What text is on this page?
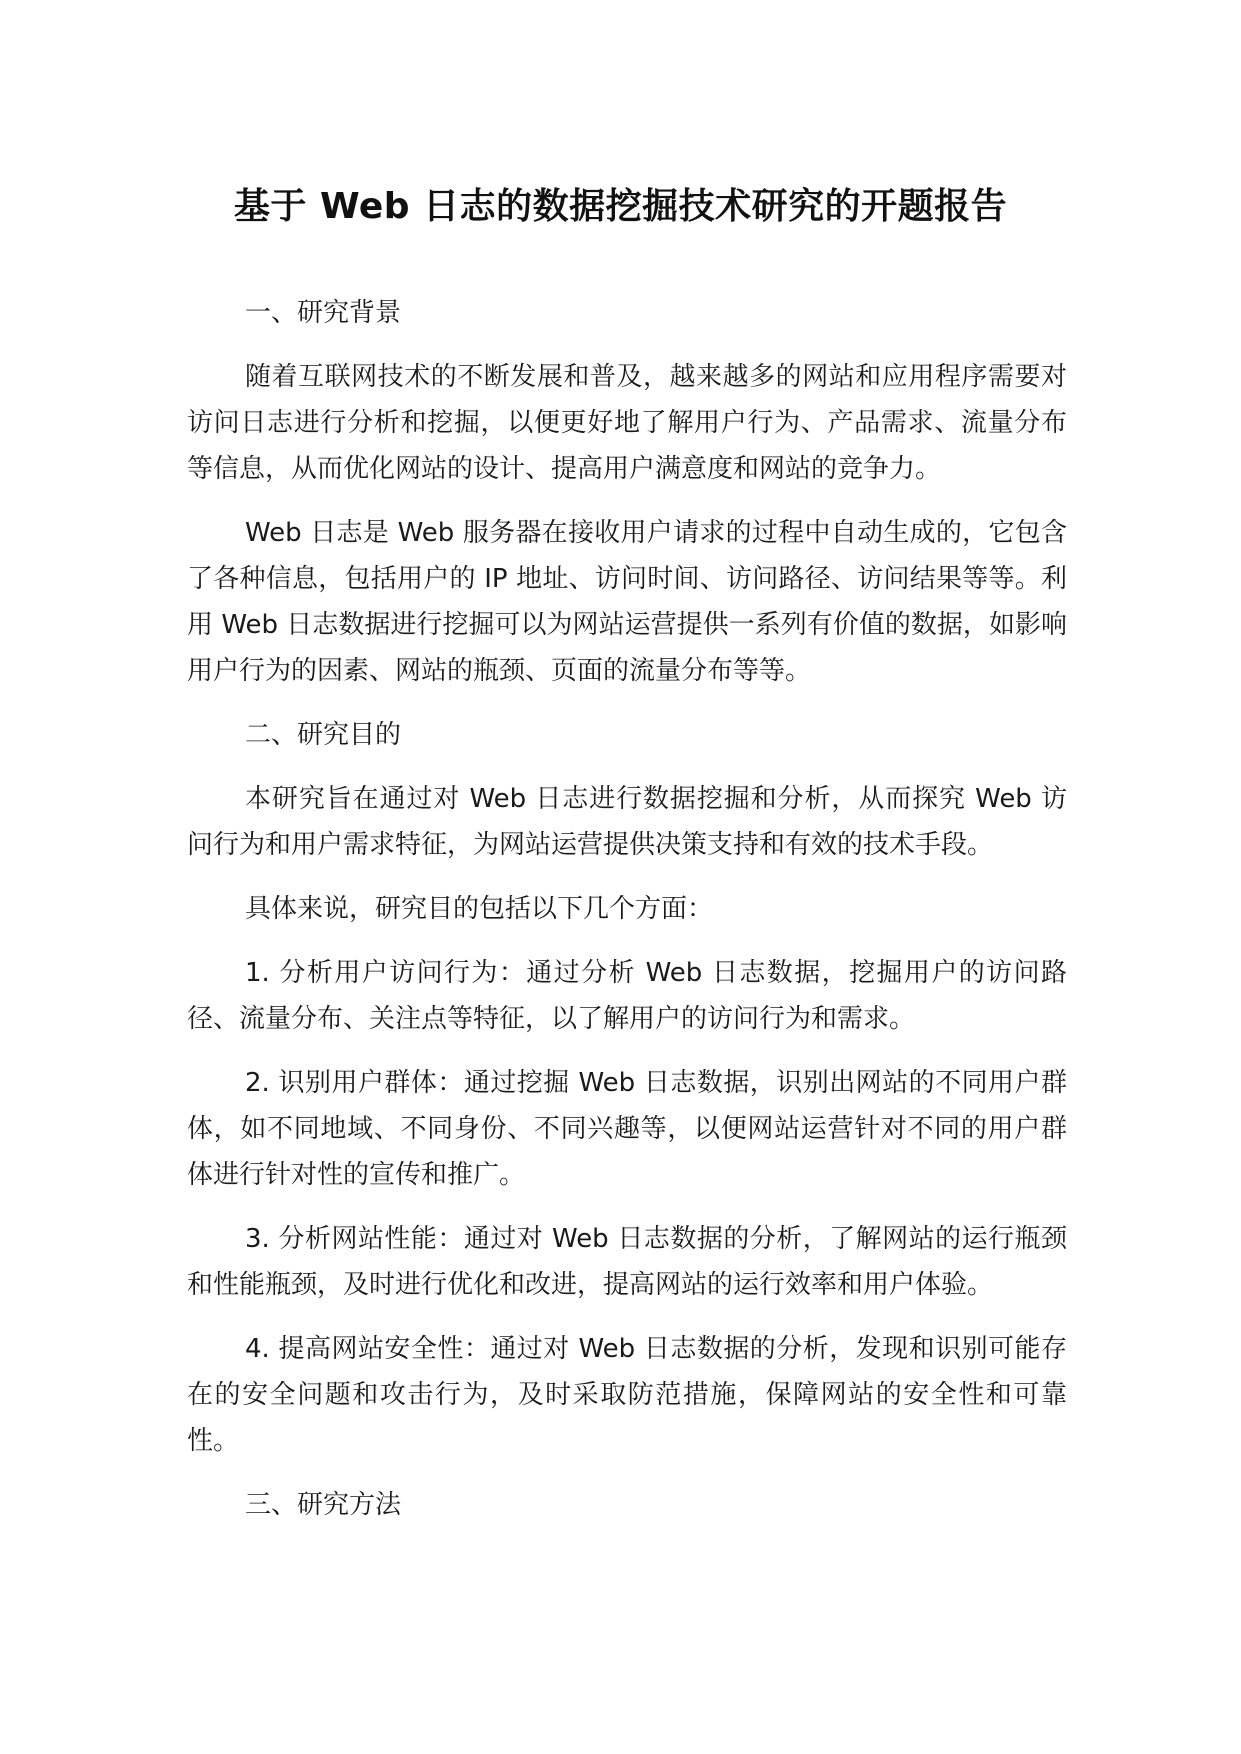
基于 Web 日志的数据挖掘技术研究的开题报告

一、研究背景

随着互联网技术的不断发展和普及，越来越多的网站和应用程序需要对访问日志进行分析和挖掘，以便更好地了解用户行为、产品需求、流量分布等信息，从而优化网站的设计、提高用户满意度和网站的竞争力。

Web 日志是 Web 服务器在接收用户请求的过程中自动生成的，它包含了各种信息，包括用户的 IP 地址、访问时间、访问路径、访问结果等等。利用 Web 日志数据进行挖掘可以为网站运营提供一系列有价值的数据，如影响用户行为的因素、网站的瓶颈、页面的流量分布等等。

二、研究目的

本研究旨在通过对 Web 日志进行数据挖掘和分析，从而探究 Web 访问行为和用户需求特征，为网站运营提供决策支持和有效的技术手段。

具体来说，研究目的包括以下几个方面：

1. 分析用户访问行为：通过分析 Web 日志数据，挖掘用户的访问路径、流量分布、关注点等特征，以了解用户的访问行为和需求。

2. 识别用户群体：通过挖掘 Web 日志数据，识别出网站的不同用户群体，如不同地域、不同身份、不同兴趣等，以便网站运营针对不同的用户群体进行针对性的宣传和推广。

3. 分析网站性能：通过对 Web 日志数据的分析，了解网站的运行瓶颈和性能瓶颈，及时进行优化和改进，提高网站的运行效率和用户体验。

4. 提高网站安全性：通过对 Web 日志数据的分析，发现和识别可能存在的安全问题和攻击行为，及时采取防范措施，保障网站的安全性和可靠性。

三、研究方法
